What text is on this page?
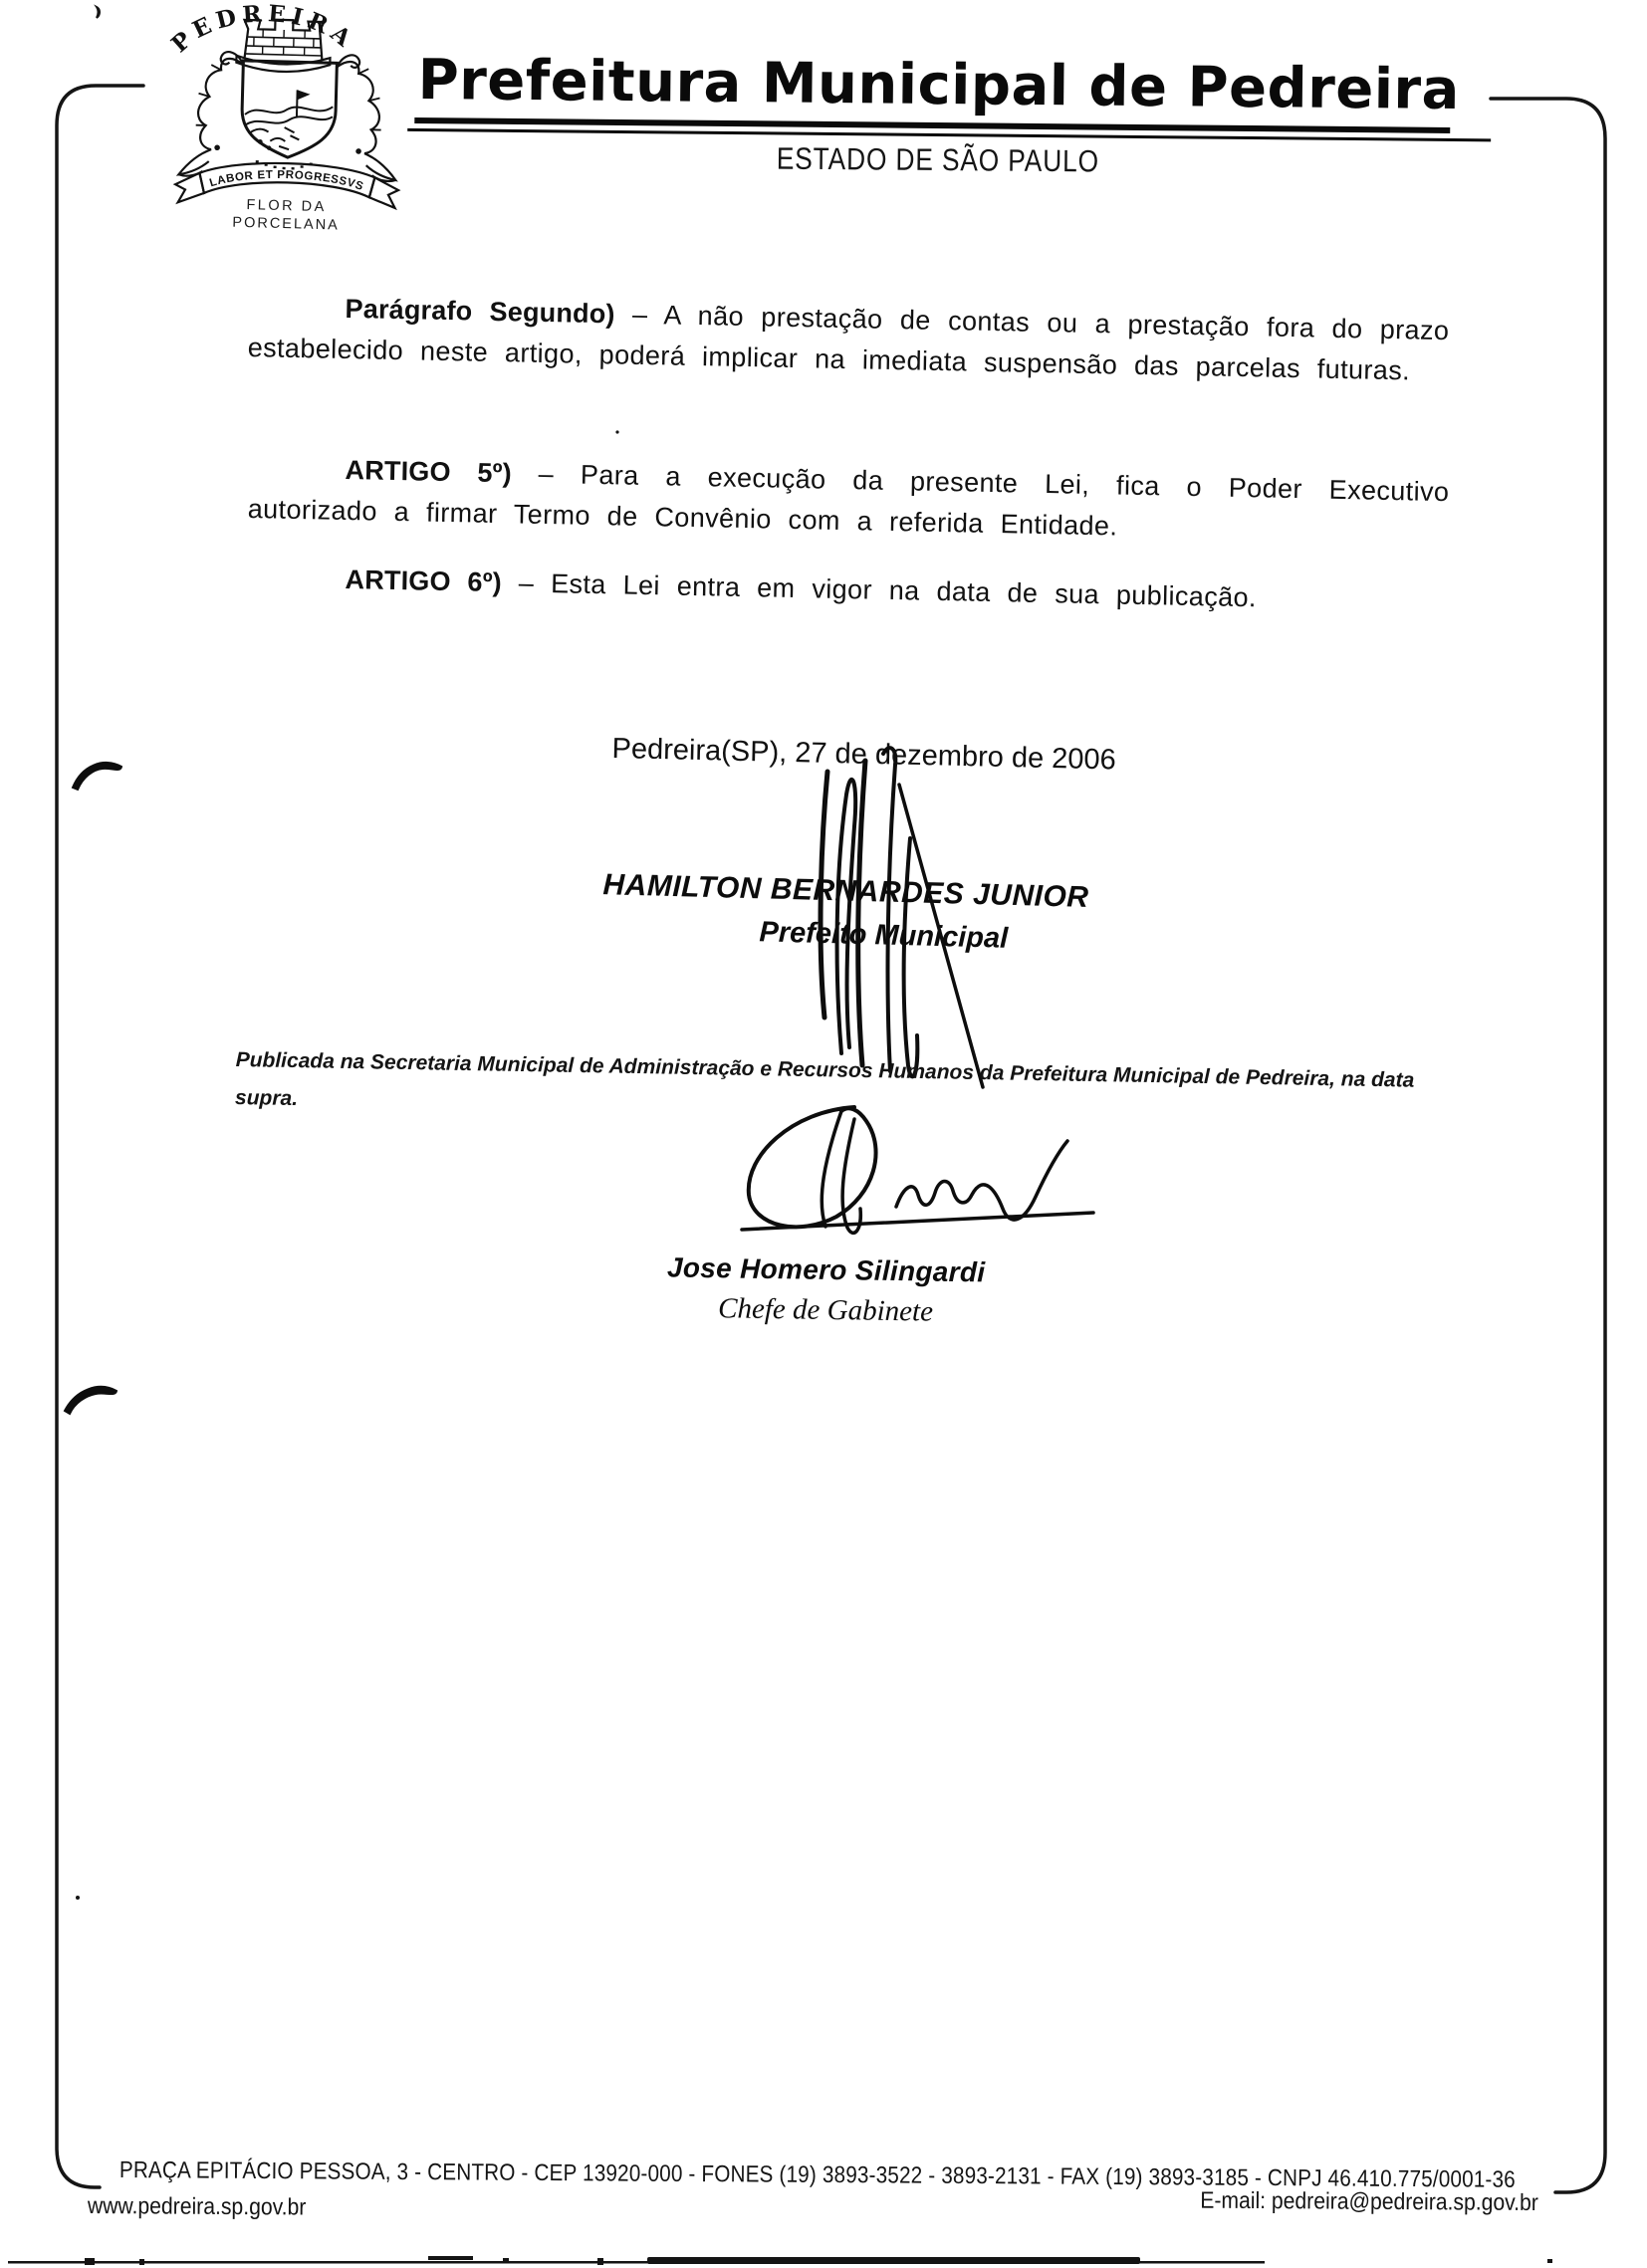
PEDREIRA
LABOR ET PROGRESSVS
FLOR DA
PORCELANA
Prefeitura Municipal de Pedreira
ESTADO DE SÃO PAULO
Parágrafo Segundo) – A não prestação de contas ou a prestação fora do prazo estabelecido neste artigo, poderá implicar na imediata suspensão das parcelas futuras.
ARTIGO 5º) – Para a execução da presente Lei, fica o Poder Executivo autorizado a firmar Termo de Convênio com a referida Entidade.
ARTIGO 6º) – Esta Lei entra em vigor na data de sua publicação.
Pedreira(SP), 27 de dezembro de 2006
HAMILTON BERNARDES JUNIOR
Prefeito Municipal
Publicada na Secretaria Municipal de Administração e Recursos Humanos da Prefeitura Municipal de Pedreira, na data supra.
Jose Homero Silingardi
Chefe de Gabinete
PRAÇA EPITÁCIO PESSOA, 3 - CENTRO - CEP 13920-000 - FONES (19) 3893-3522 - 3893-2131 - FAX (19) 3893-3185 - CNPJ 46.410.775/0001-36
www.pedreira.sp.gov.br	E-mail: pedreira@pedreira.sp.gov.br
